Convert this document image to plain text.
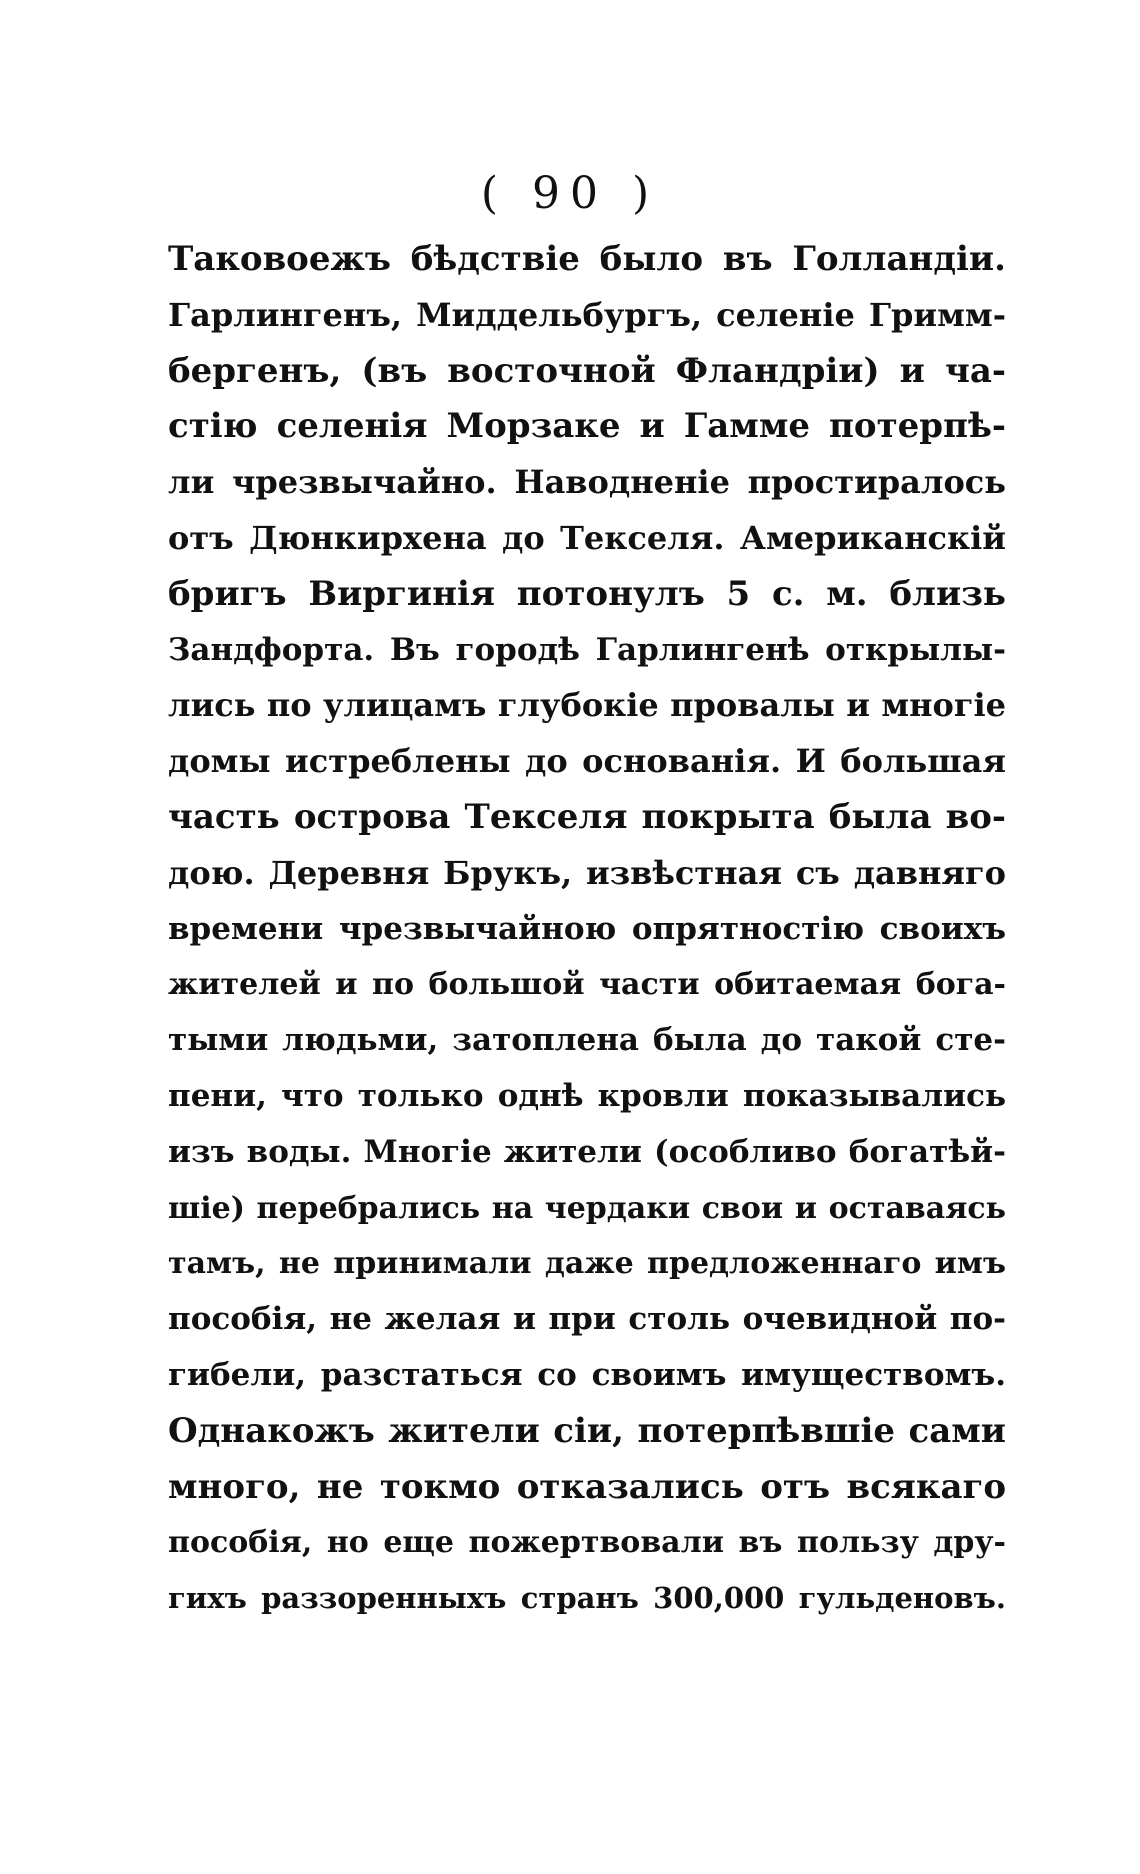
( 90 )
Таковоежъ бѣдствіе было въ Голландіи.
Гарлингенъ, Миддельбургъ, селеніе Гримм-
бергенъ, (въ восточной Фландріи) и ча-
стію селенія Морзаке и Гамме потерпѣ-
ли чрезвычайно. Наводненіе простиралось
отъ Дюнкирхена до Текселя. Американскій
бригъ Виргинія потонулъ 5 с. м. близь
Зандфорта. Въ городѣ Гарлингенѣ открылы-
лись по улицамъ глубокіе провалы и многіе
домы истреблены до основанія. И большая
часть острова Текселя покрыта была во-
дою. Деревня Брукъ, извѣстная съ давняго
времени чрезвычайною опрятностію своихъ
жителей и по большой части обитаемая бога-
тыми людьми, затоплена была до такой сте-
пени, что только однѣ кровли показывались
изъ воды. Многіе жители (особливо богатѣй-
шіе) перебрались на чердаки свои и оставаясь
тамъ, не принимали даже предложеннаго имъ
пособія, не желая и при столь очевидной по-
гибели, разстаться со своимъ имуществомъ.
Однакожъ жители сіи, потерпѣвшіе сами
много, не токмо отказались отъ всякаго
пособія, но еще пожертвовали въ пользу дру-
гихъ раззоренныхъ странъ 300,000 гульденовъ.
